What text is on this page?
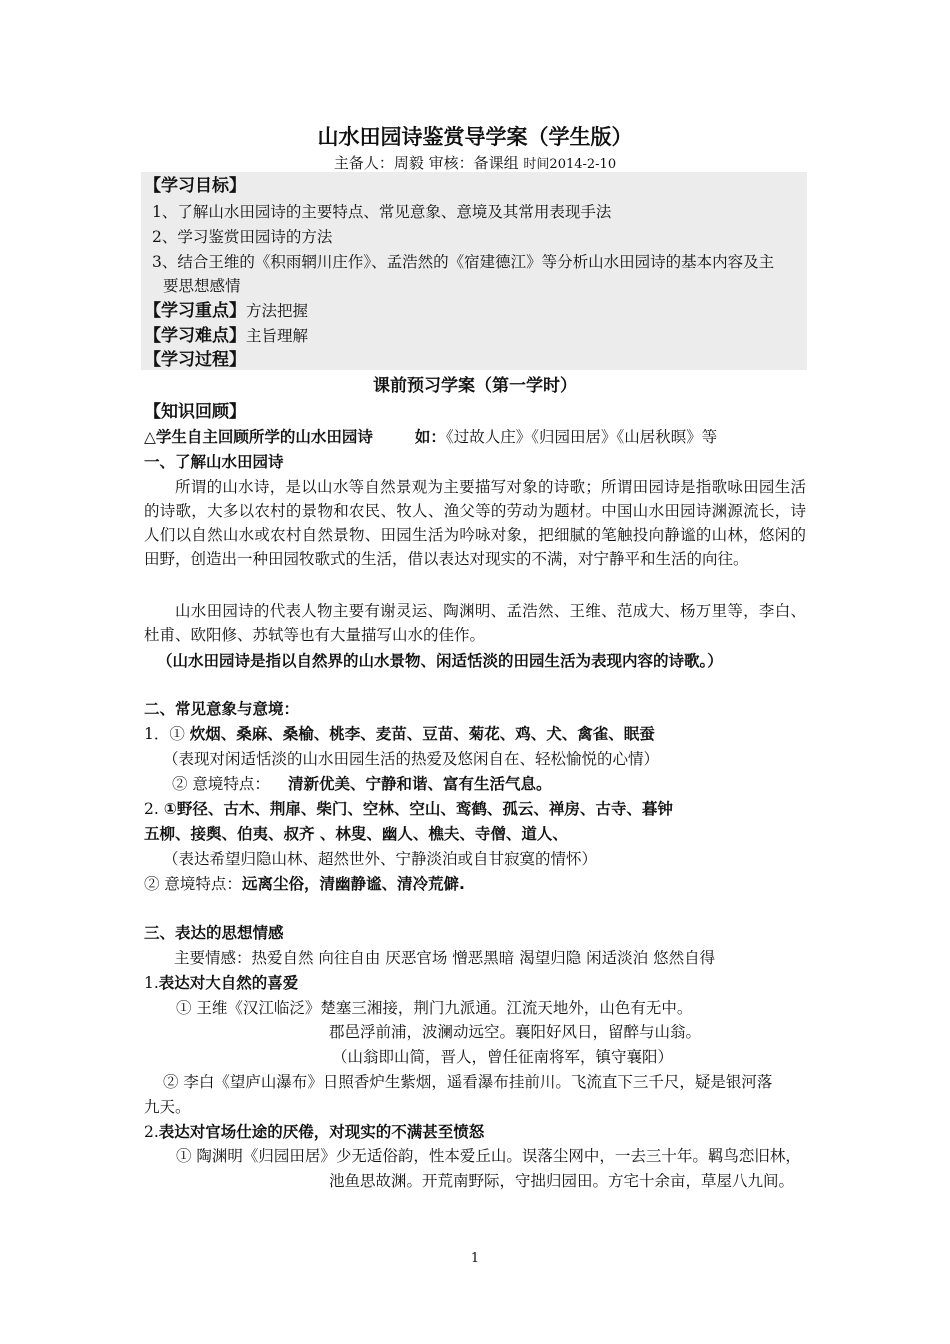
山水田园诗鉴赏导学案（学生版）
主备人：周毅 审核：备课组 时间2014-2-10
【学习目标】
1、了解山水田园诗的主要特点、常见意象、意境及其常用表现手法
2、学习鉴赏田园诗的方法
3、结合王维的《积雨辋川庄作》、孟浩然的《宿建德江》等分析山水田园诗的基本内容及主
要思想感情
【学习重点】方法把握
【学习难点】主旨理解
【学习过程】
课前预习学案（第一学时）
【知识回顾】
△学生自主回顾所学的山水田园诗	如：《过故人庄》《归园田居》《山居秋暝》等
一、了解山水田园诗
所谓的山水诗，是以山水等自然景观为主要描写对象的诗歌；所谓田园诗是指歌咏田园生活的诗歌，大多以农村的景物和农民、牧人、渔父等的劳动为题材。中国山水田园诗渊源流长，诗人们以自然山水或农村自然景物、田园生活为吟咏对象，把细腻的笔触投向静谧的山林，悠闲的田野，创造出一种田园牧歌式的生活，借以表达对现实的不满，对宁静平和生活的向往。
山水田园诗的代表人物主要有谢灵运、陶渊明、孟浩然、王维、范成大、杨万里等，李白、杜甫、欧阳修、苏轼等也有大量描写山水的佳作。
（山水田园诗是指以自然界的山水景物、闲适恬淡的田园生活为表现内容的诗歌。）
二、常见意象与意境：
1．① 炊烟、桑麻、桑榆、桃李、麦苗、豆苗、菊花、鸡、犬、禽雀、眠蚕
（表现对闲适恬淡的山水田园生活的热爱及悠闲自在、轻松愉悦的心情）
② 意境特点： 清新优美、宁静和谐、富有生活气息。
2. ①野径、古木、荆扉、柴门、空林、空山、鸾鹤、孤云、禅房、古寺、暮钟
五柳、接舆、伯夷、叔齐 、林叟、幽人、樵夫、寺僧、道人、
（表达希望归隐山林、超然世外、宁静淡泊或自甘寂寞的情怀）
② 意境特点：远离尘俗，清幽静谧、清冷荒僻.
三、表达的思想情感
主要情感：热爱自然 向往自由 厌恶官场 憎恶黑暗 渴望归隐 闲适淡泊 悠然自得
1.表达对大自然的喜爱
① 王维《汉江临泛》楚塞三湘接，荆门九派通。江流天地外，山色有无中。
郡邑浮前浦，波澜动远空。襄阳好风日，留醉与山翁。
（山翁即山简，晋人，曾任征南将军，镇守襄阳）
② 李白《望庐山瀑布》日照香炉生紫烟，遥看瀑布挂前川。飞流直下三千尺，疑是银河落
九天。
2.表达对官场仕途的厌倦，对现实的不满甚至愤怒
① 陶渊明《归园田居》少无适俗韵，性本爱丘山。误落尘网中，一去三十年。羁鸟恋旧林，
池鱼思故渊。开荒南野际，守拙归园田。方宅十余亩，草屋八九间。
1
